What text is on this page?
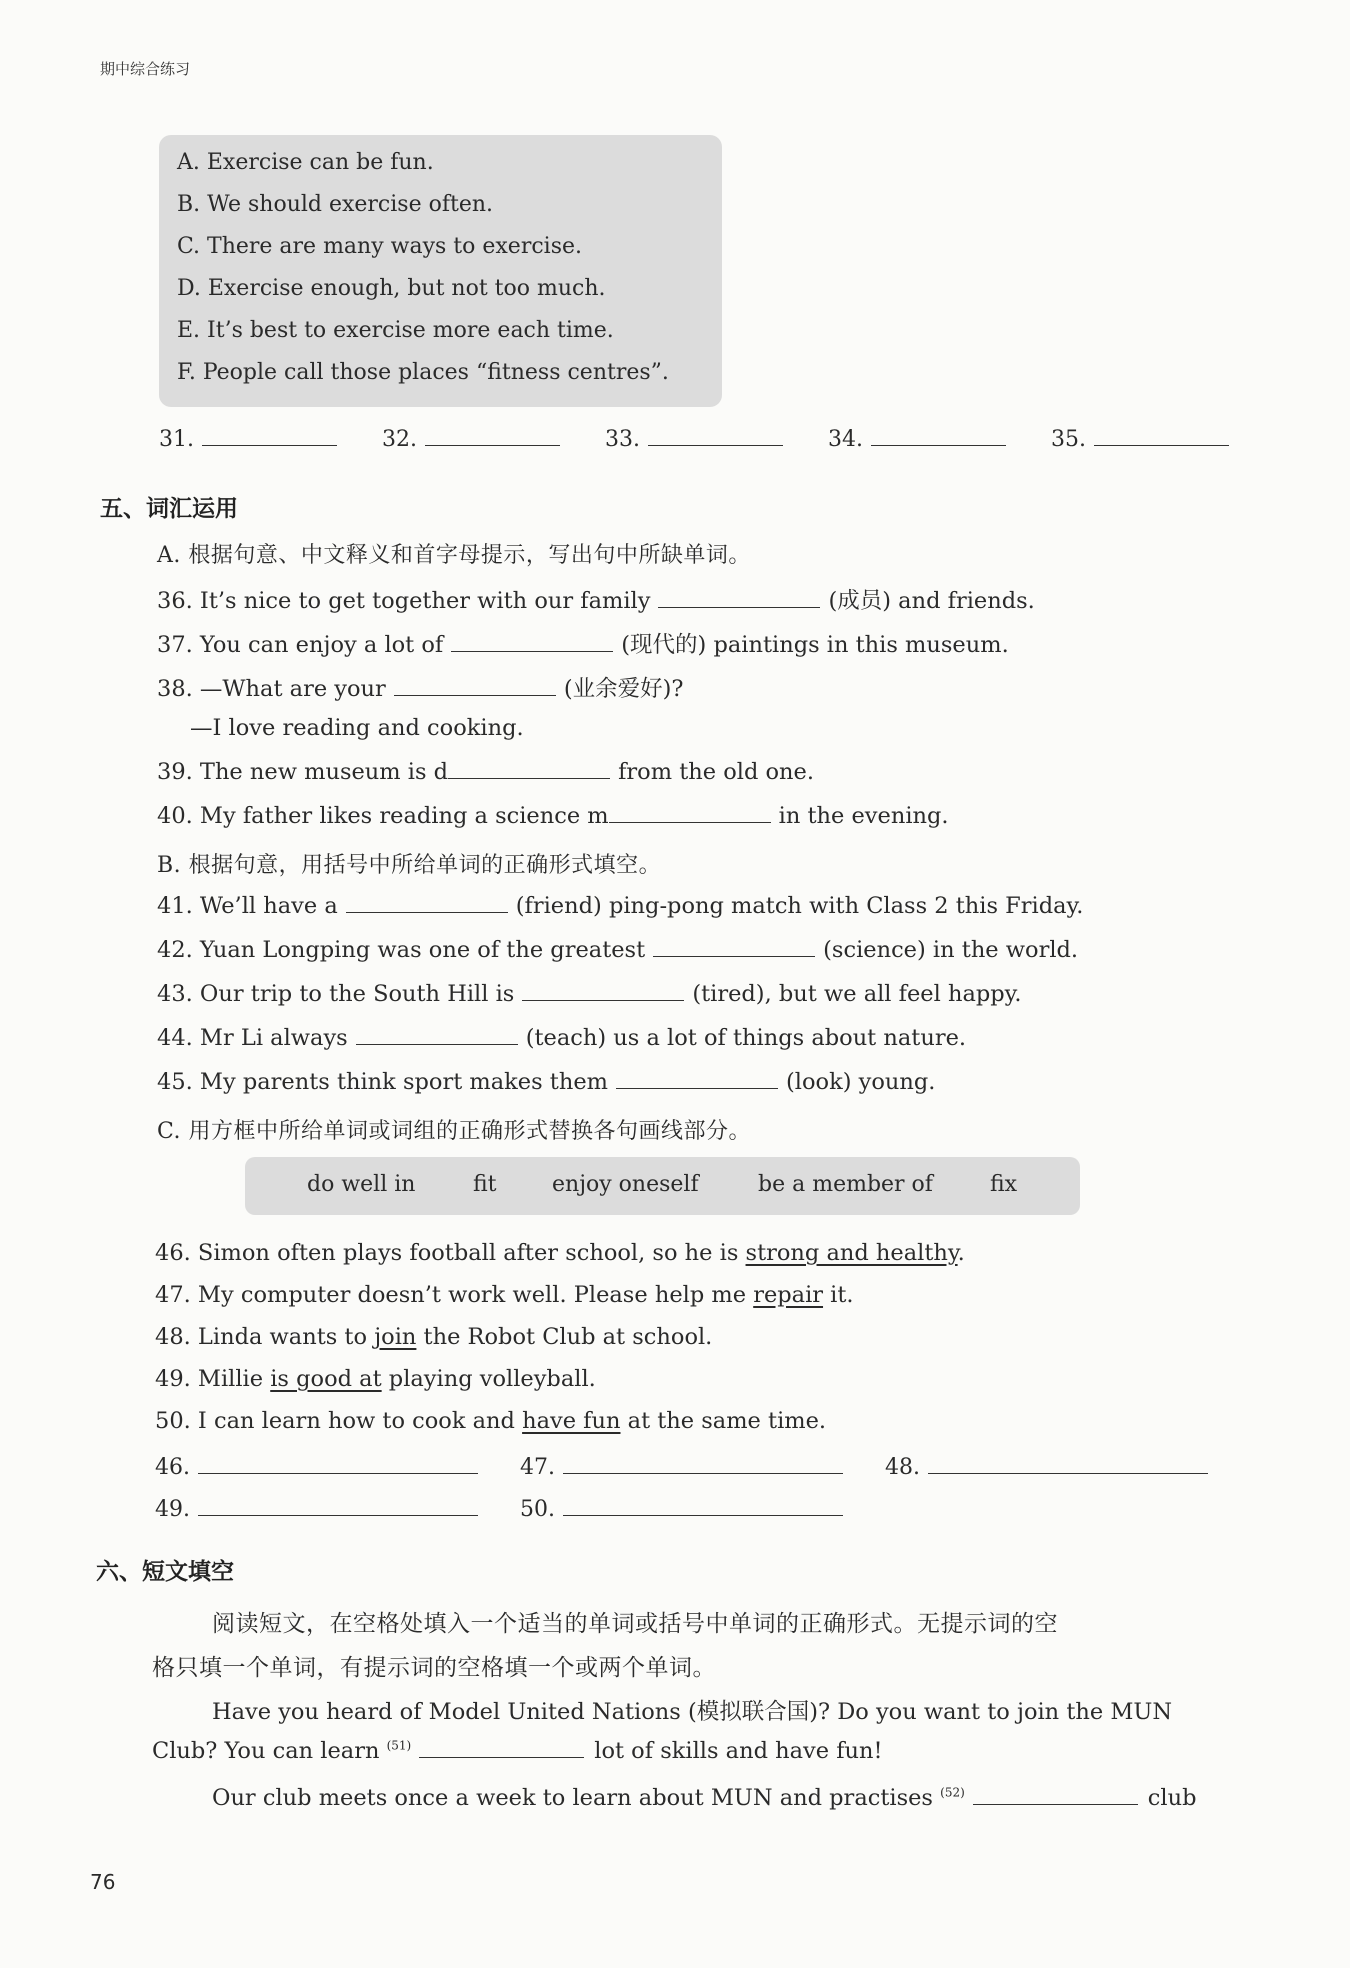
期中综合练习
A. Exercise can be fun.
B. We should exercise often.
C. There are many ways to exercise.
D. Exercise enough, but not too much.
E. It’s best to exercise more each time.
F. People call those places “fitness centres”.
31.	32.	33.	34.	35.
五、词汇运用
A. 根据句意、中文释义和首字母提示，写出句中所缺单词。
36. It’s nice to get together with our family	(成员) and friends.
37. You can enjoy a lot of	(现代的) paintings in this museum.
38. —What are your	(业余爱好)?
—I love reading and cooking.
39. The new museum is d	from the old one.
40. My father likes reading a science m	in the evening.
B. 根据句意，用括号中所给单词的正确形式填空。
41. We’ll have a	(friend) ping-pong match with Class 2 this Friday.
42. Yuan Longping was one of the greatest	(science) in the world.
43. Our trip to the South Hill is	(tired), but we all feel happy.
44. Mr Li always	(teach) us a lot of things about nature.
45. My parents think sport makes them	(look) young.
C. 用方框中所给单词或词组的正确形式替换各句画线部分。
do well in	fit	enjoy oneself	be a member of	fix
46. Simon often plays football after school, so he is strong and healthy.
47. My computer doesn’t work well. Please help me repair it.
48. Linda wants to join the Robot Club at school.
49. Millie is good at playing volleyball.
50. I can learn how to cook and have fun at the same time.
46.	47.	48.
49.	50.
六、短文填空
阅读短文，在空格处填入一个适当的单词或括号中单词的正确形式。无提示词的空
格只填一个单词，有提示词的空格填一个或两个单词。
Have you heard of Model United Nations (模拟联合国)? Do you want to join the MUN
Club? You can learn $^{(51)}$	lot of skills and have fun!
Our club meets once a week to learn about MUN and practises $^{(52)}$	club
76
